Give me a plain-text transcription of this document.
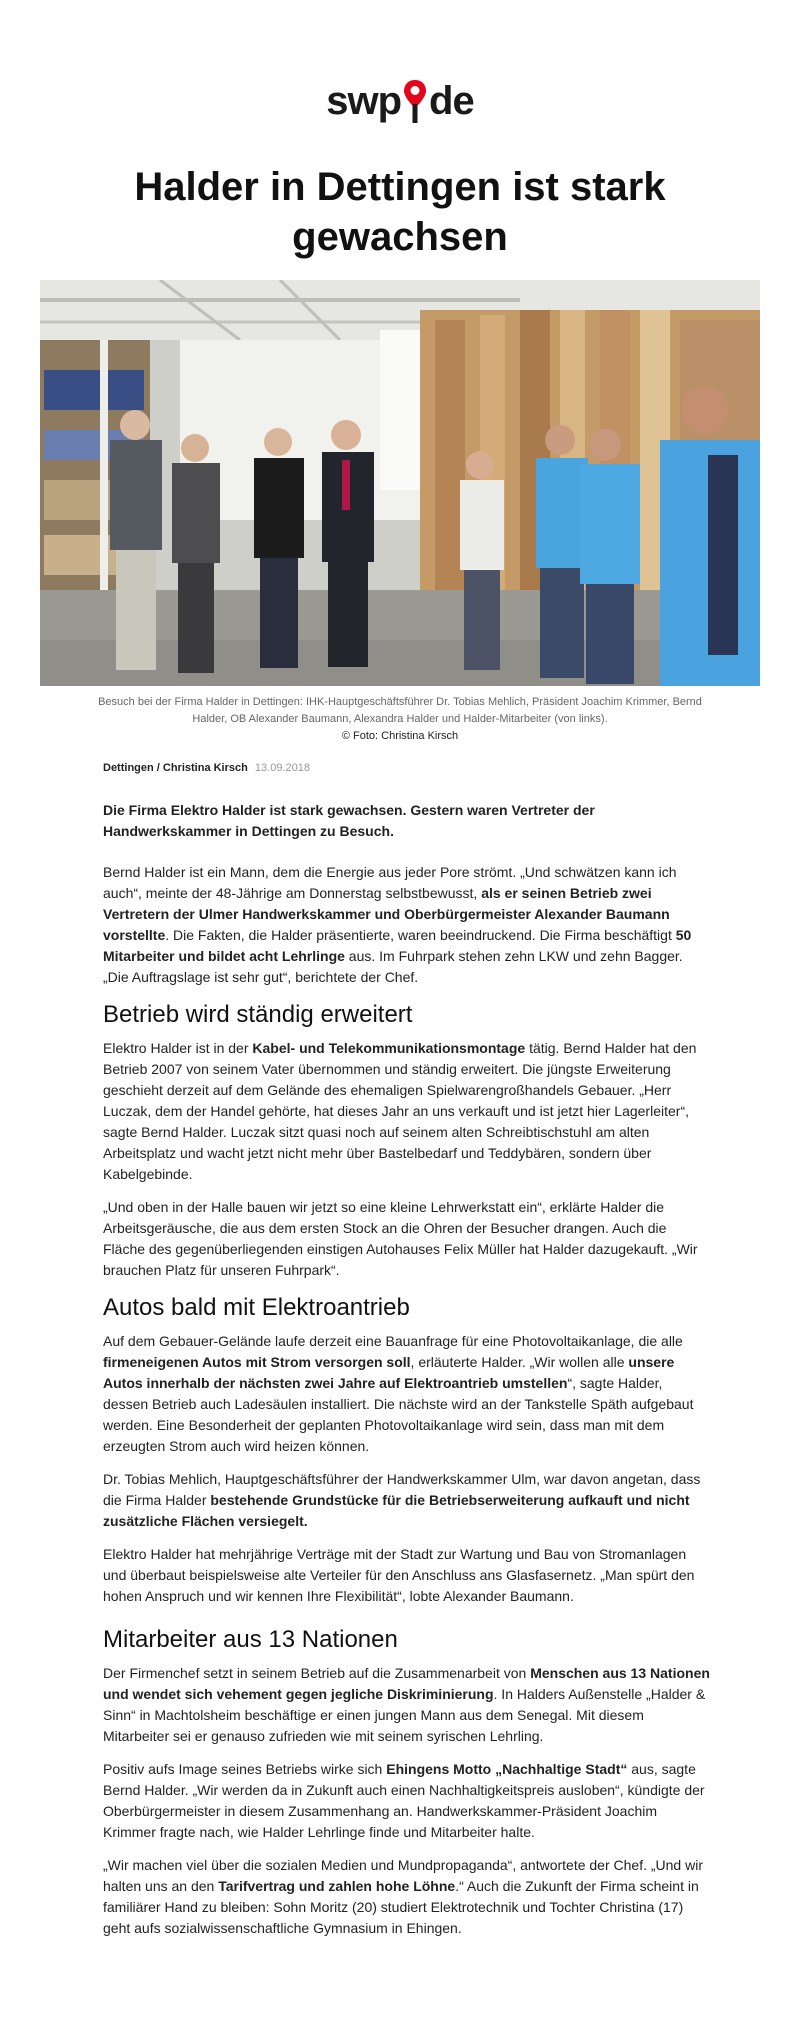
swp de
Halder in Dettingen ist stark gewachsen
Besuch bei der Firma Halder in Dettingen: IHK-Hauptgeschäftsführer Dr. Tobias Mehlich, Präsident Joachim Krimmer, Bernd Halder, OB Alexander Baumann, Alexandra Halder und Halder-Mitarbeiter (von links).
© Foto: Christina Kirsch
Dettingen / Christina Kirsch 13.09.2018

Die Firma Elektro Halder ist stark gewachsen. Gestern waren Vertreter der Handwerkskammer in Dettingen zu Besuch.

Bernd Halder ist ein Mann, dem die Energie aus jeder Pore strömt. „Und schwätzen kann ich auch“, meinte der 48-Jährige am Donnerstag selbstbewusst, als er seinen Betrieb zwei Vertretern der Ulmer Handwerkskammer und Oberbürgermeister Alexander Baumann vorstellte. Die Fakten, die Halder präsentierte, waren beeindruckend. Die Firma beschäftigt 50 Mitarbeiter und bildet acht Lehrlinge aus. Im Fuhrpark stehen zehn LKW und zehn Bagger. „Die Auftragslage ist sehr gut“, berichtete der Chef.

Betrieb wird ständig erweitert

Elektro Halder ist in der Kabel- und Telekommunikationsmontage tätig. Bernd Halder hat den Betrieb 2007 von seinem Vater übernommen und ständig erweitert. Die jüngste Erweiterung geschieht derzeit auf dem Gelände des ehemaligen Spielwarengroßhandels Gebauer. „Herr Luczak, dem der Handel gehörte, hat dieses Jahr an uns verkauft und ist jetzt hier Lagerleiter“, sagte Bernd Halder. Luczak sitzt quasi noch auf seinem alten Schreibtischstuhl am alten Arbeitsplatz und wacht jetzt nicht mehr über Bastelbedarf und Teddybären, sondern über Kabelgebinde.

„Und oben in der Halle bauen wir jetzt so eine kleine Lehrwerkstatt ein“, erklärte Halder die Arbeitsgeräusche, die aus dem ersten Stock an die Ohren der Besucher drangen. Auch die Fläche des gegenüberliegenden einstigen Autohauses Felix Müller hat Halder dazugekauft. „Wir brauchen Platz für unseren Fuhrpark“.

Autos bald mit Elektroantrieb

Auf dem Gebauer-Gelände laufe derzeit eine Bauanfrage für eine Photovoltaikanlage, die alle firmeneigenen Autos mit Strom versorgen soll, erläuterte Halder. „Wir wollen alle unsere Autos innerhalb der nächsten zwei Jahre auf Elektroantrieb umstellen“, sagte Halder, dessen Betrieb auch Ladesäulen installiert. Die nächste wird an der Tankstelle Späth aufgebaut werden. Eine Besonderheit der geplanten Photovoltaikanlage wird sein, dass man mit dem erzeugten Strom auch wird heizen können.

Dr. Tobias Mehlich, Hauptgeschäftsführer der Handwerkskammer Ulm, war davon angetan, dass die Firma Halder bestehende Grundstücke für die Betriebserweiterung aufkauft und nicht zusätzliche Flächen versiegelt.

Elektro Halder hat mehrjährige Verträge mit der Stadt zur Wartung und Bau von Stromanlagen und überbaut beispielsweise alte Verteiler für den Anschluss ans Glasfasernetz. „Man spürt den hohen Anspruch und wir kennen Ihre Flexibilität“, lobte Alexander Baumann.

Mitarbeiter aus 13 Nationen

Der Firmenchef setzt in seinem Betrieb auf die Zusammenarbeit von Menschen aus 13 Nationen und wendet sich vehement gegen jegliche Diskriminierung. In Halders Außenstelle „Halder & Sinn“ in Machtolsheim beschäftige er einen jungen Mann aus dem Senegal. Mit diesem Mitarbeiter sei er genauso zufrieden wie mit seinem syrischen Lehrling.

Positiv aufs Image seines Betriebs wirke sich Ehingens Motto „Nachhaltige Stadt“ aus, sagte Bernd Halder. „Wir werden da in Zukunft auch einen Nachhaltigkeitspreis ausloben“, kündigte der Oberbürgermeister in diesem Zusammenhang an. Handwerkskammer-Präsident Joachim Krimmer fragte nach, wie Halder Lehrlinge finde und Mitarbeiter halte.

„Wir machen viel über die sozialen Medien und Mundpropaganda“, antwortete der Chef. „Und wir halten uns an den Tarifvertrag und zahlen hohe Löhne.“ Auch die Zukunft der Firma scheint in familiärer Hand zu bleiben: Sohn Moritz (20) studiert Elektrotechnik und Tochter Christina (17) geht aufs sozialwissenschaftliche Gymnasium in Ehingen.
